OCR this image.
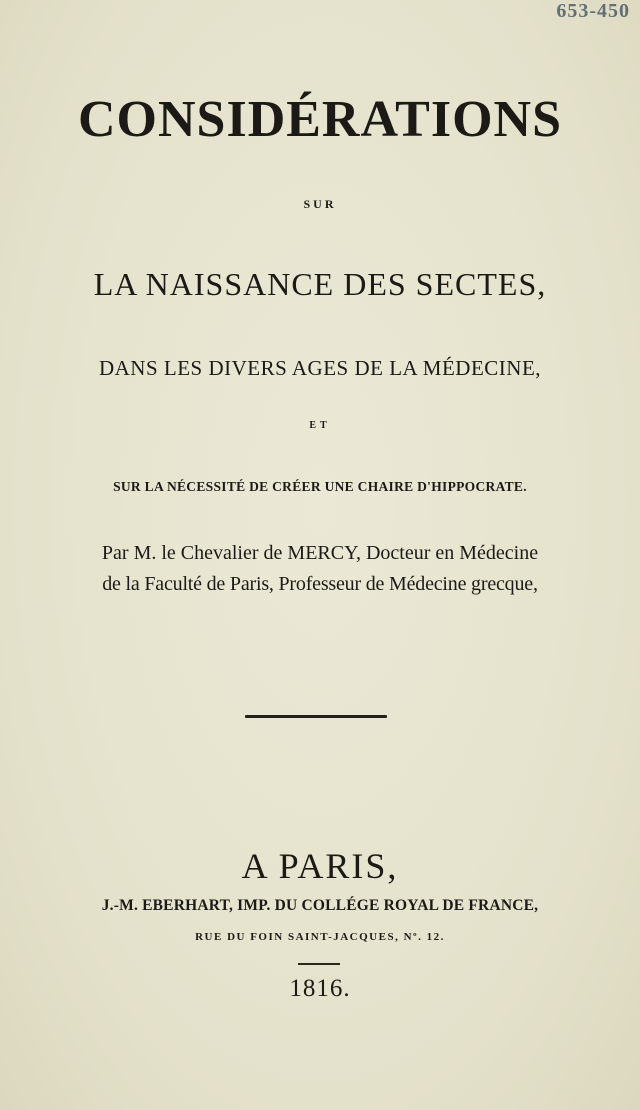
653-450
CONSIDÉRATIONS
SUR
LA NAISSANCE DES SECTES,
DANS LES DIVERS AGES DE LA MÉDECINE,
ET
SUR LA NÉCESSITÉ DE CRÉER UNE CHAIRE D'HIPPOCRATE.
Par M. le Chevalier de MERCY, Docteur en Médecine
de la Faculté de Paris, Professeur de Médecine grecque,
A PARIS,
J.-M. EBERHART, IMP. DU COLLÉGE ROYAL DE FRANCE,
RUE DU FOIN SAINT-JACQUES, Nº. 12.
1816.
